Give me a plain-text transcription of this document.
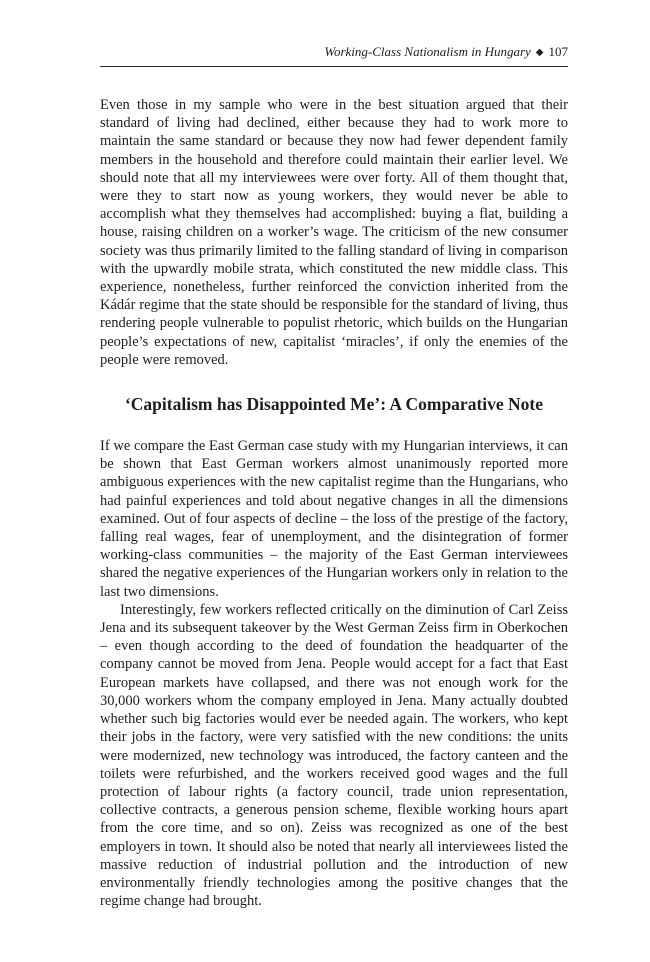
Working-Class Nationalism in Hungary ◆ 107

Even those in my sample who were in the best situation argued that their standard of living had declined, either because they had to work more to maintain the same standard or because they now had fewer dependent family members in the household and therefore could maintain their earlier level. We should note that all my interviewees were over forty. All of them thought that, were they to start now as young workers, they would never be able to accomplish what they themselves had accomplished: buying a flat, building a house, raising children on a worker’s wage. The criticism of the new consumer society was thus primarily limited to the falling standard of living in comparison with the upwardly mobile strata, which constituted the new middle class. This experience, nonetheless, further reinforced the conviction inherited from the Kádár regime that the state should be responsible for the standard of living, thus rendering people vulnerable to populist rhetoric, which builds on the Hungarian people’s expectations of new, capitalist ‘miracles’, if only the enemies of the people were removed.

‘Capitalism has Disappointed Me’: A Comparative Note

If we compare the East German case study with my Hungarian interviews, it can be shown that East German workers almost unanimously reported more ambiguous experiences with the new capitalist regime than the Hungarians, who had painful experiences and told about negative changes in all the dimensions examined. Out of four aspects of decline – the loss of the prestige of the factory, falling real wages, fear of unemployment, and the disintegration of former working-class communities – the majority of the East German interviewees shared the negative experiences of the Hungarian workers only in relation to the last two dimensions.

Interestingly, few workers reflected critically on the diminution of Carl Zeiss Jena and its subsequent takeover by the West German Zeiss firm in Oberkochen – even though according to the deed of foundation the headquarter of the company cannot be moved from Jena. People would accept for a fact that East European markets have collapsed, and there was not enough work for the 30,000 workers whom the company employed in Jena. Many actually doubted whether such big factories would ever be needed again. The workers, who kept their jobs in the factory, were very satisfied with the new conditions: the units were modernized, new technology was introduced, the factory canteen and the toilets were refurbished, and the workers received good wages and the full protection of labour rights (a factory council, trade union representation, collective contracts, a generous pension scheme, flexible working hours apart from the core time, and so on). Zeiss was recognized as one of the best employers in town. It should also be noted that nearly all interviewees listed the massive reduction of industrial pollution and the introduction of new environmentally friendly technologies among the positive changes that the regime change had brought.
